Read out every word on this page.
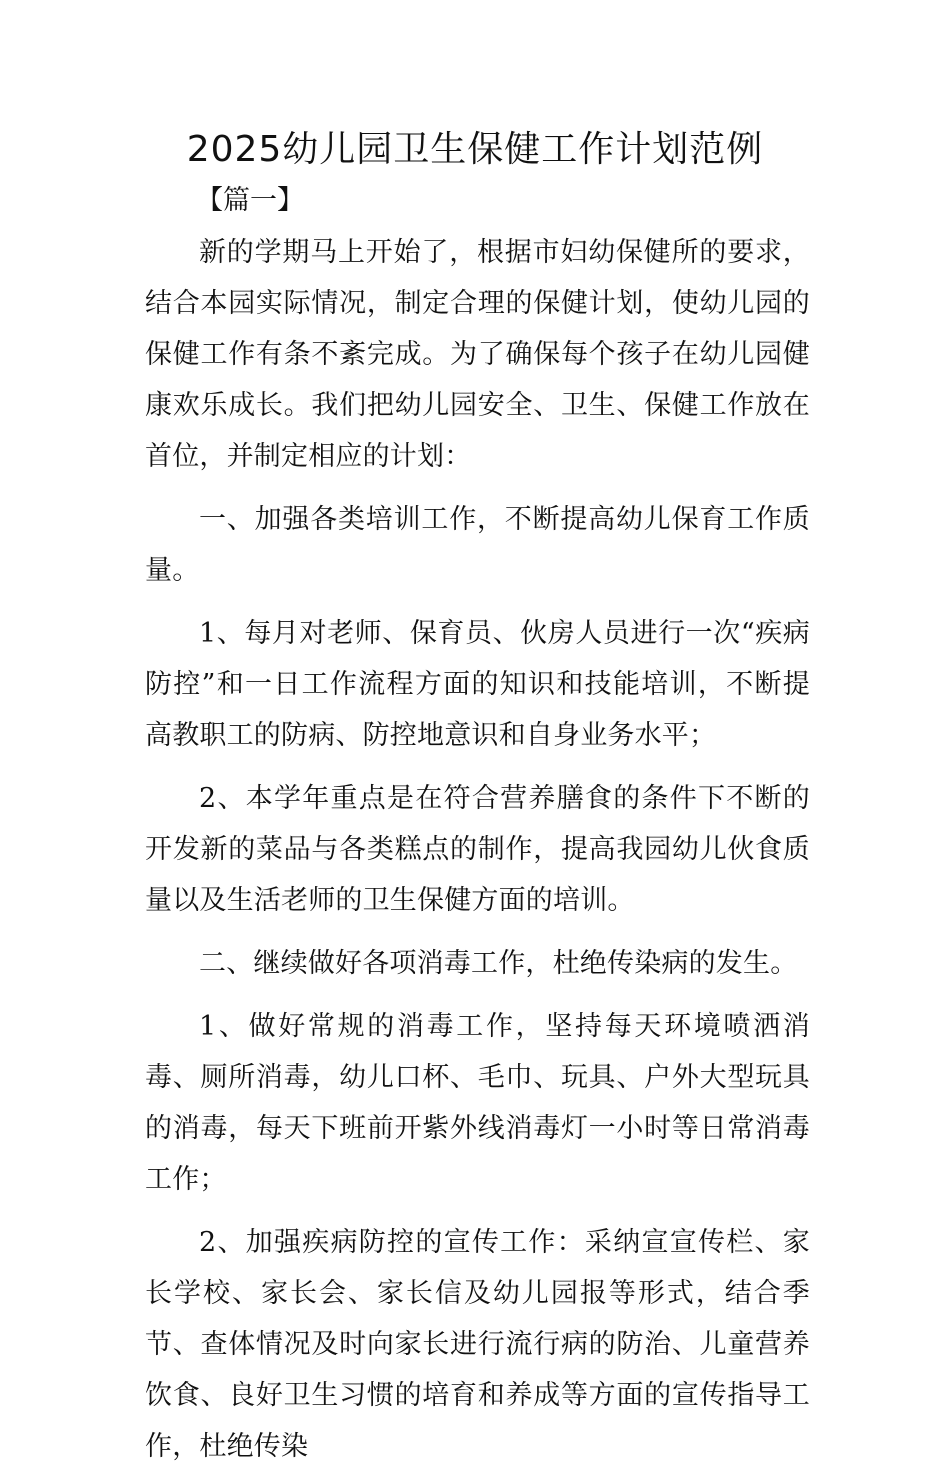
2025幼儿园卫生保健工作计划范例
【篇一】

新的学期马上开始了，根据市妇幼保健所的要求，结合本园实际情况，制定合理的保健计划，使幼儿园的保健工作有条不紊完成。为了确保每个孩子在幼儿园健康欢乐成长。我们把幼儿园安全、卫生、保健工作放在首位，并制定相应的计划：

一、加强各类培训工作，不断提高幼儿保育工作质量。

1、每月对老师、保育员、伙房人员进行一次“疾病防控”和一日工作流程方面的知识和技能培训，不断提高教职工的防病、防控地意识和自身业务水平；

2、本学年重点是在符合营养膳食的条件下不断的开发新的菜品与各类糕点的制作，提高我园幼儿伙食质量以及生活老师的卫生保健方面的培训。

二、继续做好各项消毒工作，杜绝传染病的发生。

1、做好常规的消毒工作，坚持每天环境喷洒消毒、厕所消毒，幼儿口杯、毛巾、玩具、户外大型玩具的消毒，每天下班前开紫外线消毒灯一小时等日常消毒工作；

2、加强疾病防控的宣传工作：采纳宣宣传栏、家长学校、家长会、家长信及幼儿园报等形式，结合季节、查体情况及时向家长进行流行病的防治、儿童营养饮食、良好卫生习惯的培育和养成等方面的宣传指导工作，杜绝传染
